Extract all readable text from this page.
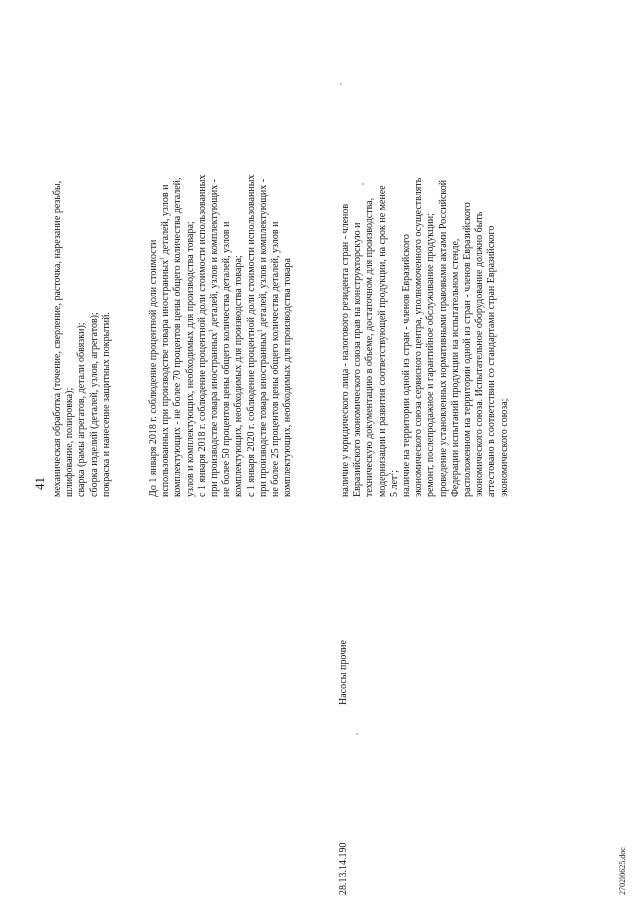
41
28.13.14.190
Насосы прочие
механическая обработка (точение, сверление, расточка, нарезание резьбы, шлифование, полировка); сварка (рамы агрегатов, детали обвязки); сборка изделий (деталей, узлов, агрегатов); покраска и нанесение защитных покрытий.	До 1 января 2018 г. соблюдение процентной доли стоимости использованных при производстве товара иностранных$^1$ деталей, узлов и комплектующих - не более 70 процентов цены общего количества деталей, узлов и комплектующих, необходимых для производства товара; с 1 января 2018 г. соблюдение процентной доли стоимости использованных при производстве товара иностранных$^1$ деталей, узлов и комплектующих - не более 50 процентов цены общего количества деталей, узлов и комплектующих, необходимых для производства товара; с 1 января 2020 г. соблюдение процентной доли стоимости использованных при производстве товара иностранных$^1$ деталей, узлов и комплектующих - не более 25 процентов цены общего количества деталей, узлов и комплектующих, необходимых для производства товара	наличие у юридического лица - налогового резидента стран - членов Евразийского экономического союза прав на конструкторскую и техническую документацию в объеме, достаточном для производства, модернизации и развития соответствующей продукции, на срок не менее 5 лет$^2$; наличие на территории одной из стран - членов Евразийского экономического союза сервисного центра, уполномоченного осуществлять ремонт, послепродажное и гарантийное обслуживание продукции; проведение установленных нормативными правовыми актами Российской Федерации испытаний продукции на испытательном стенде, расположенном на территории одной из стран - членов Евразийского экономического союза. Испытательное оборудование должно быть аттестовано в соответствии со стандартами стран Евразийского экономического союза;
2702l0625.doc
